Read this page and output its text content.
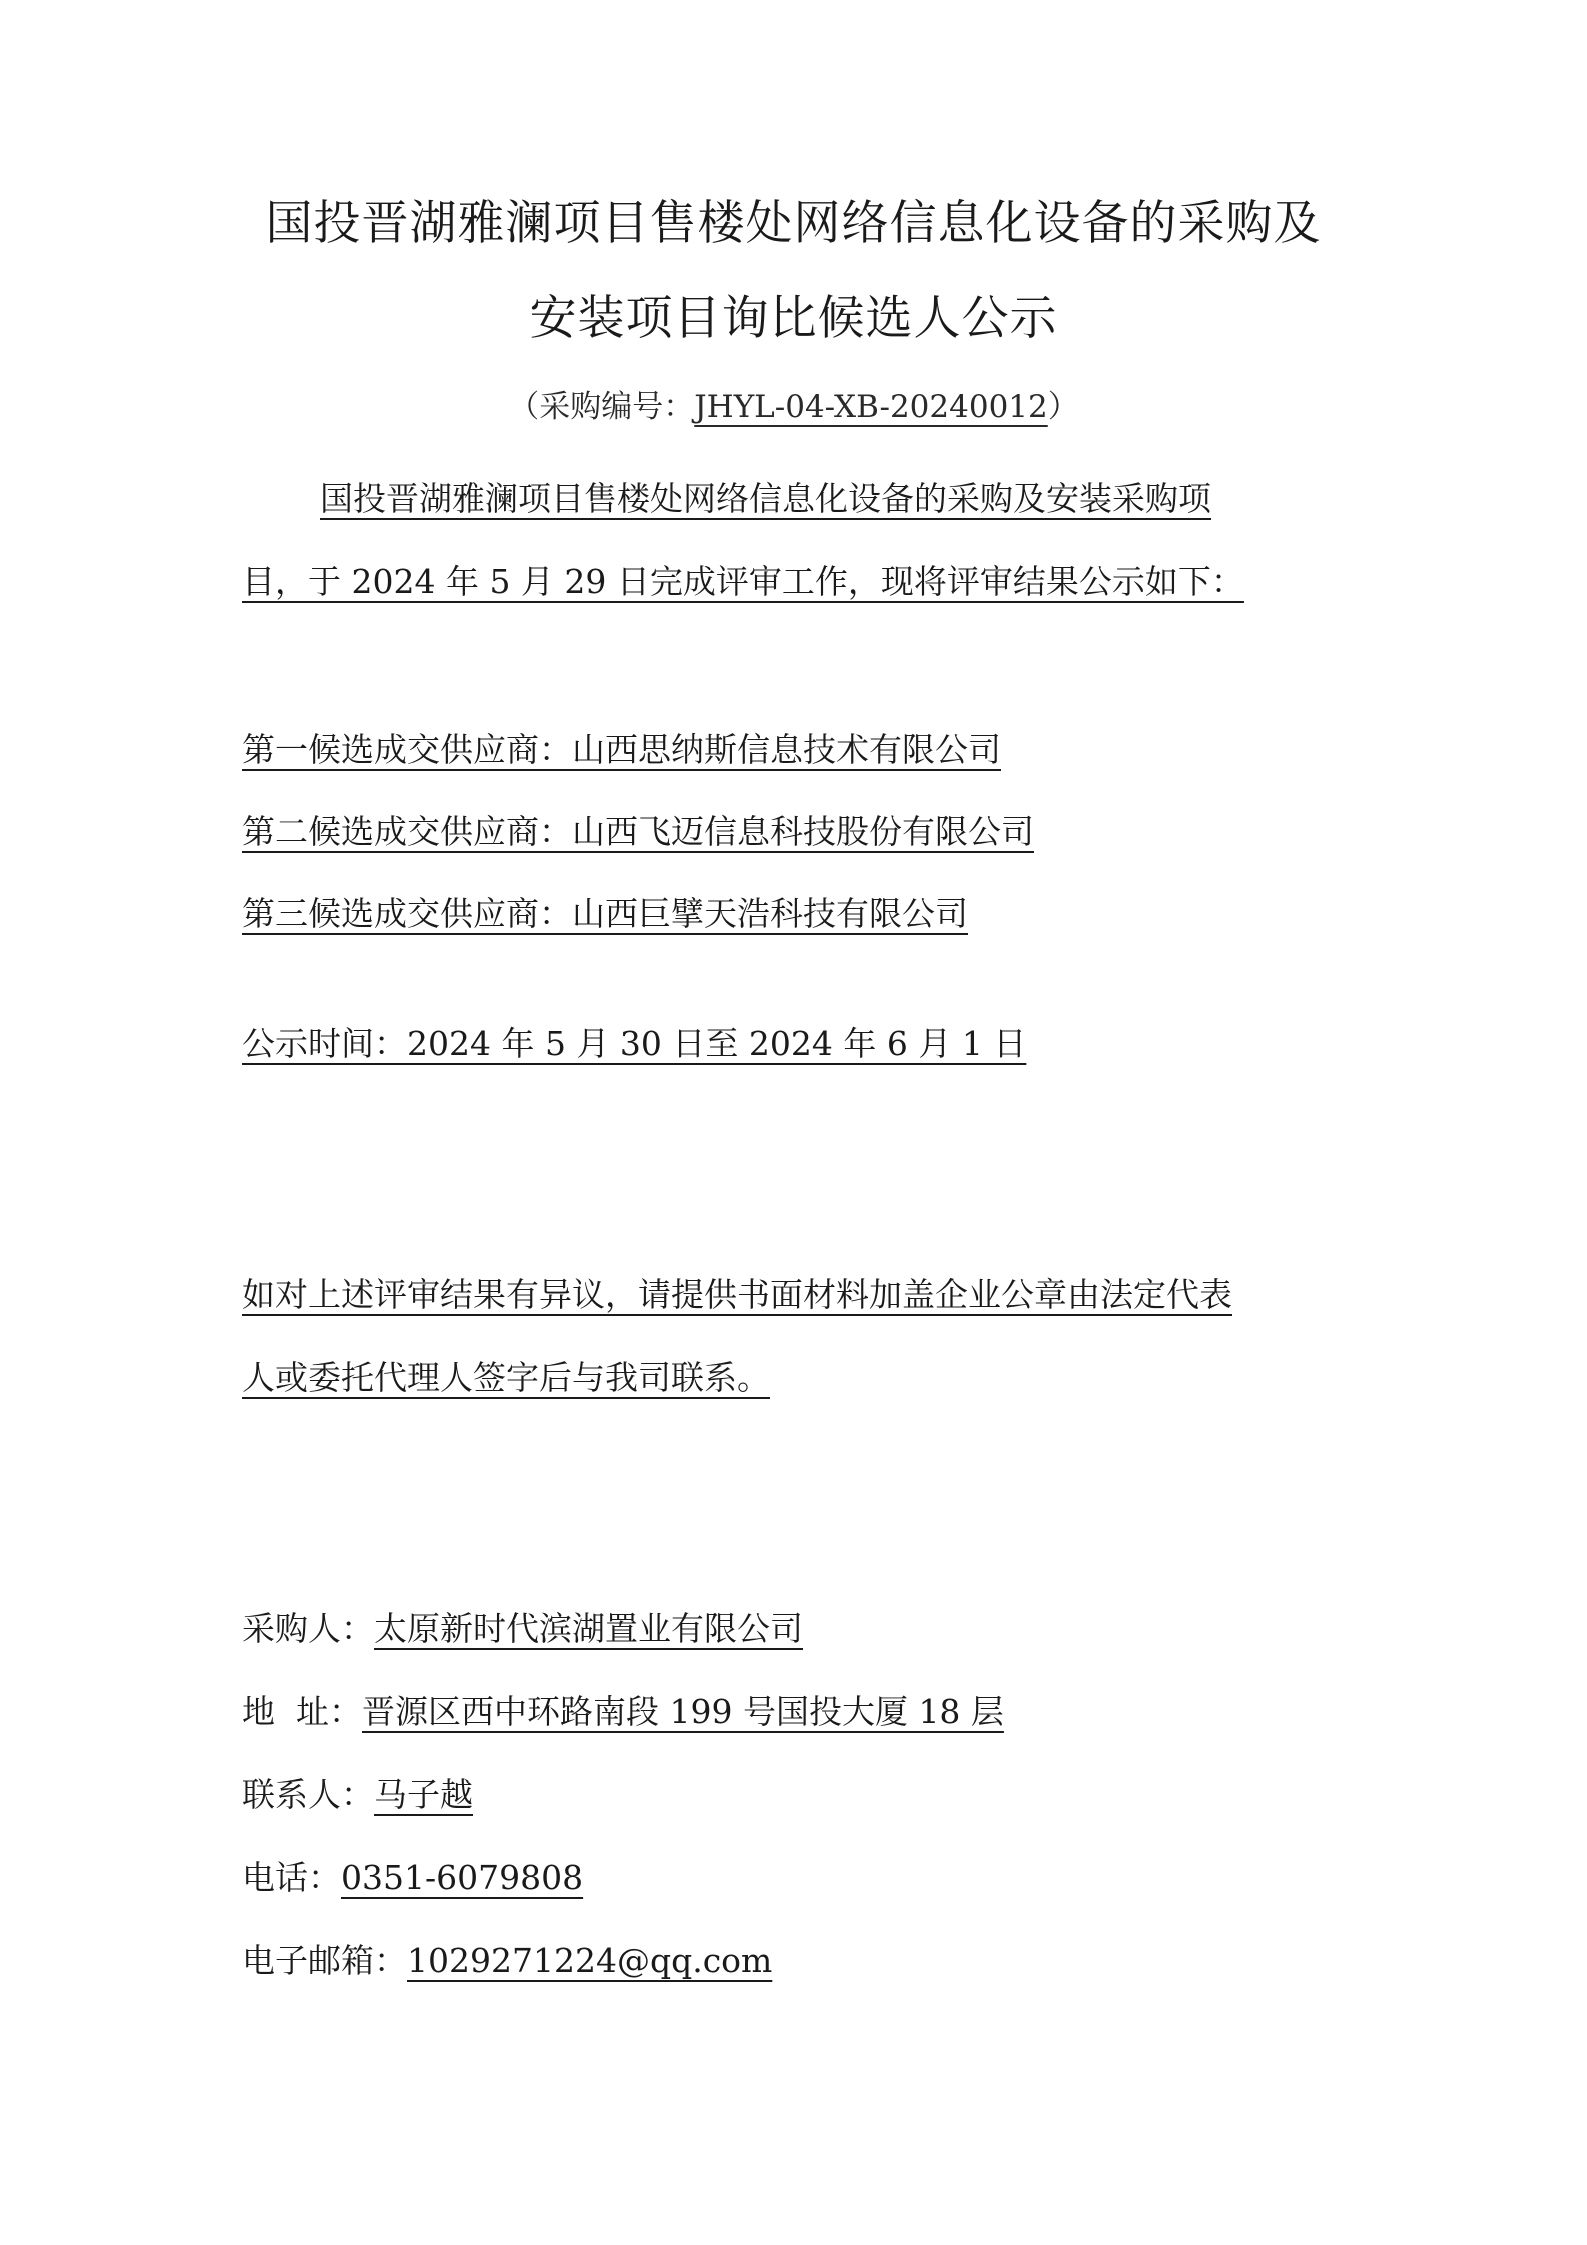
国投晋湖雅澜项目售楼处网络信息化设备的采购及
安装项目询比候选人公示
（采购编号：JHYL-04-XB-20240012）
国投晋湖雅澜项目售楼处网络信息化设备的采购及安装采购项
目，于 2024 年 5 月 29 日完成评审工作，现将评审结果公示如下：
第一候选成交供应商：山西思纳斯信息技术有限公司
第二候选成交供应商：山西飞迈信息科技股份有限公司
第三候选成交供应商：山西巨擘天浩科技有限公司
公示时间：2024 年 5 月 30 日至 2024 年 6 月 1 日
如对上述评审结果有异议，请提供书面材料加盖企业公章由法定代表
人或委托代理人签字后与我司联系。
采购人：太原新时代滨湖置业有限公司
地  址：晋源区西中环路南段 199 号国投大厦 18 层
联系人：马子越
电话：0351-6079808
电子邮箱：1029271224@qq.com
